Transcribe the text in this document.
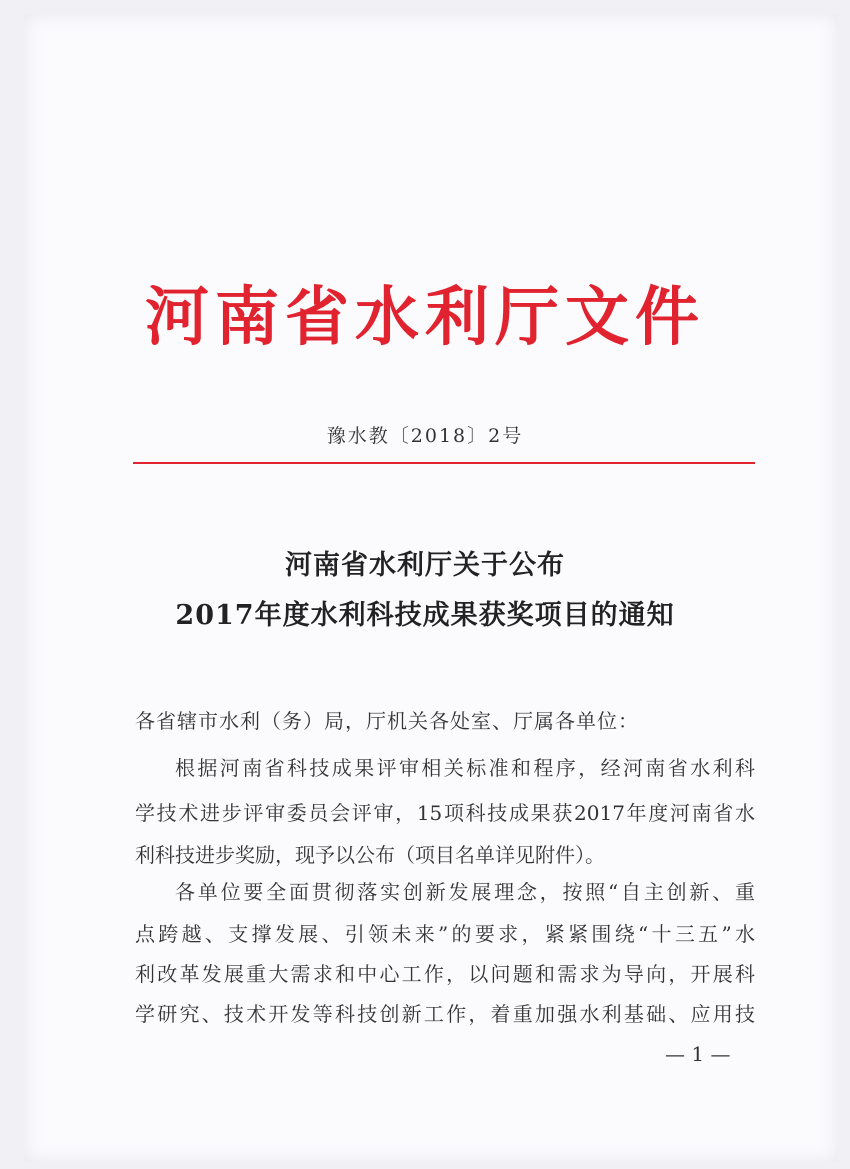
河南省水利厅文件
豫水教〔2018〕2号
河南省水利厅关于公布
2017年度水利科技成果获奖项目的通知
各省辖市水利（务）局，厅机关各处室、厅属各单位：
根据河南省科技成果评审相关标准和程序，经河南省水利科
学技术进步评审委员会评审，15项科技成果获2017年度河南省水
利科技进步奖励，现予以公布（项目名单详见附件）。
各单位要全面贯彻落实创新发展理念，按照“自主创新、重
点跨越、支撑发展、引领未来”的要求，紧紧围绕“十三五”水
利改革发展重大需求和中心工作，以问题和需求为导向，开展科
学研究、技术开发等科技创新工作，着重加强水利基础、应用技
— 1 —
